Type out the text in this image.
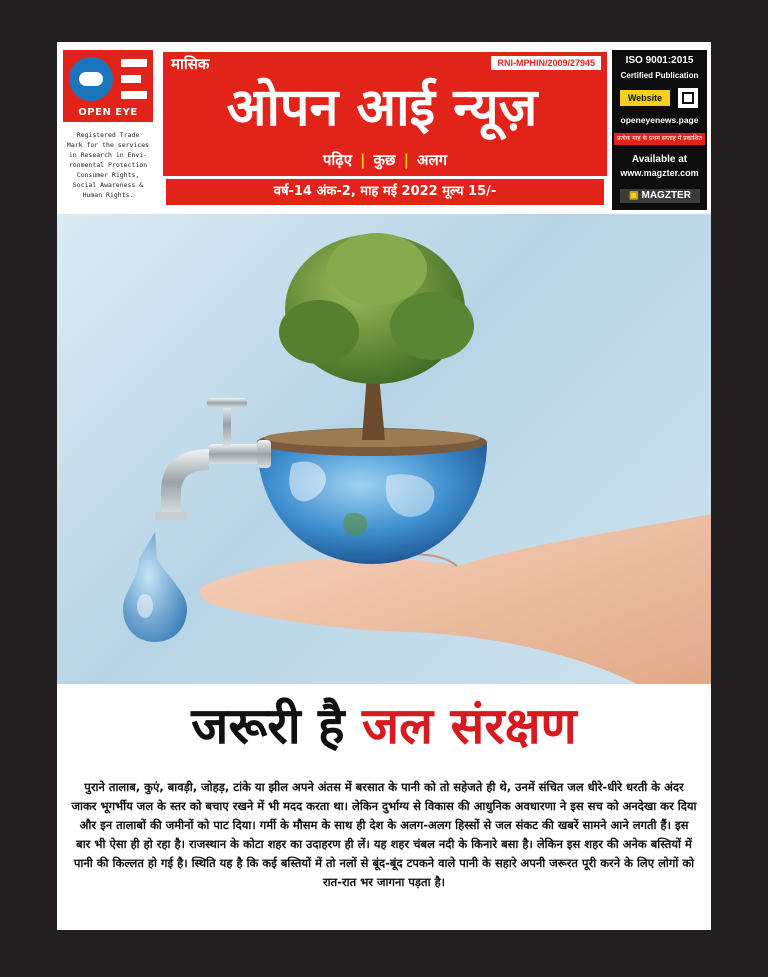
OPEN EYE
Registered Trade
Mark for the services
in Research in Envi-
ronmental Protection
Consumer Rights,
Social Awareness &
Human Rights.
मासिक	RNI-MPHIN/2009/27945
ओपन आई न्यूज़
पढ़िए | कुछ | अलग
वर्ष-14 अंक-2, माह मई 2022 मूल्य 15/-
ISO 9001:2015
Certified Publication
Website
openeyenews.page
प्रत्येक माह के प्रथम सप्ताह में प्रकाशित
Available at
www.magzter.com
▣ MAGZTER
जरूरी है जल संरक्षण
पुराने तालाब, कुएं, बावड़ी, जोहड़, टांके या झील अपने अंतस में बरसात के पानी को तो सहेजते ही थे, उनमें संचित जल धीरे-धीरे धरती के अंदर जाकर भूगर्भीय जल के स्तर को बचाए रखने में भी मदद करता था। लेकिन दुर्भाग्य से विकास की आधुनिक अवधारणा ने इस सच को अनदेखा कर दिया और इन तालाबों की जमीनों को पाट दिया। गर्मी के मौसम के साथ ही देश के अलग-अलग हिस्सों से जल संकट की खबरें सामने आने लगती हैं। इस बार भी ऐसा ही हो रहा है। राजस्थान के कोटा शहर का उदाहरण ही लें। यह शहर चंबल नदी के किनारे बसा है। लेकिन इस शहर की अनेक बस्तियों में पानी की किल्लत हो गई है। स्थिति यह है कि कई बस्तियों में तो नलों से बूंद-बूंद टपकने वाले पानी के सहारे अपनी जरूरत पूरी करने के लिए लोगों को रात-रात भर जागना पड़ता है।
